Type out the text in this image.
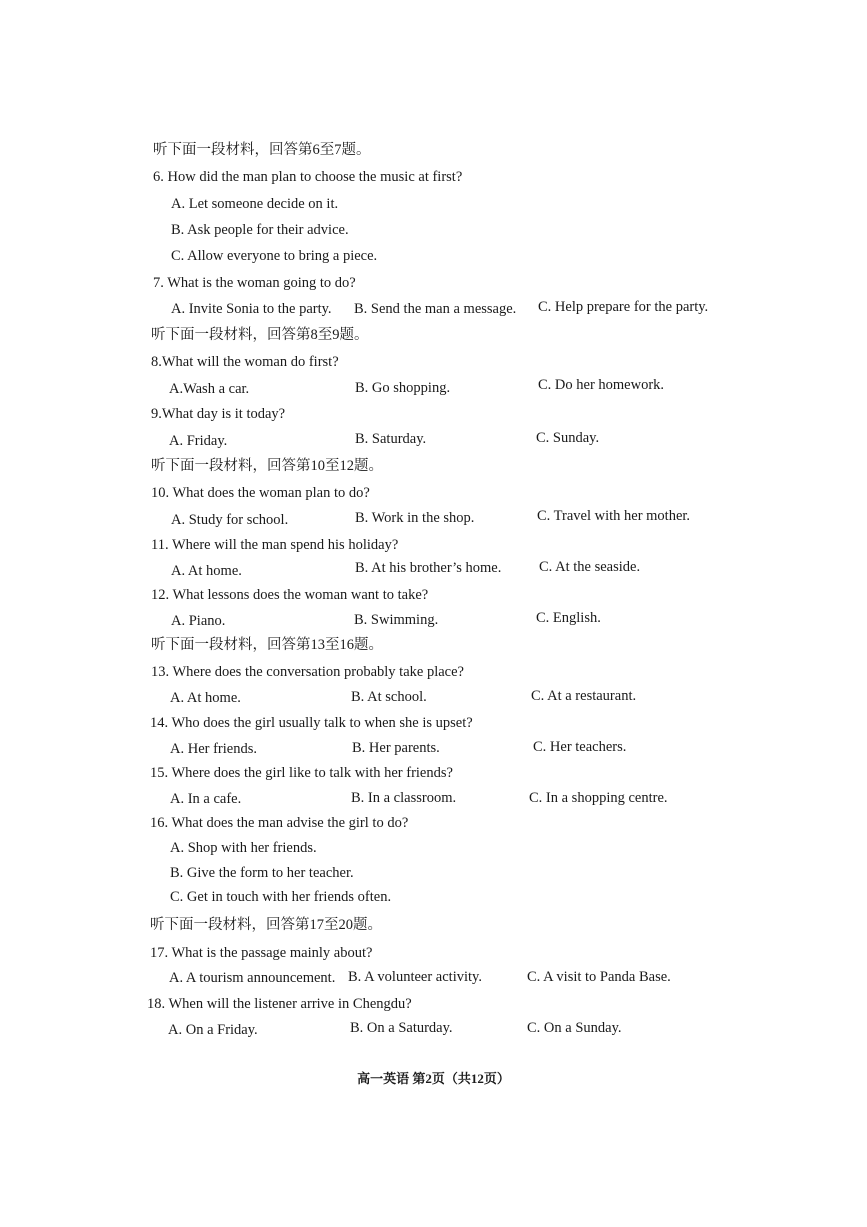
听下面一段材料，回答第6至7题。
6. How did the man plan to choose the music at first?
A. Let someone decide on it.
B. Ask people for their advice.
C. Allow everyone to bring a piece.
7. What is the woman going to do?
A. Invite Sonia to the party. B. Send the man a message. C. Help prepare for the party.
听下面一段材料，回答第8至9题。
8.What will the woman do first?
A.Wash a car.	B. Go shopping.	C. Do her homework.
9.What day is it today?
A. Friday.	B. Saturday.	C. Sunday.
听下面一段材料，回答第10至12题。
10. What does the woman plan to do?
A. Study for school.	B. Work in the shop.	C. Travel with her mother.
11. Where will the man spend his holiday?
A. At home.	B. At his brother’s home.	C. At the seaside.
12. What lessons does the woman want to take?
A. Piano.	B. Swimming.	C. English.
听下面一段材料，回答第13至16题。
13. Where does the conversation probably take place?
A. At home.	B. At school.	C. At a restaurant.
14. Who does the girl usually talk to when she is upset?
A. Her friends.	B. Her parents.	C. Her teachers.
15. Where does the girl like to talk with her friends?
A. In a cafe.	B. In a classroom.	C. In a shopping centre.
16. What does the man advise the girl to do?
A. Shop with her friends.
B. Give the form to her teacher.
C. Get in touch with her friends often.
听下面一段材料，回答第17至20题。
17. What is the passage mainly about?
A. A tourism announcement. B. A volunteer activity.	C. A visit to Panda Base.
18. When will the listener arrive in Chengdu?
A. On a Friday.	B. On a Saturday.	C. On a Sunday.
高一英语 第2页（共12页）
